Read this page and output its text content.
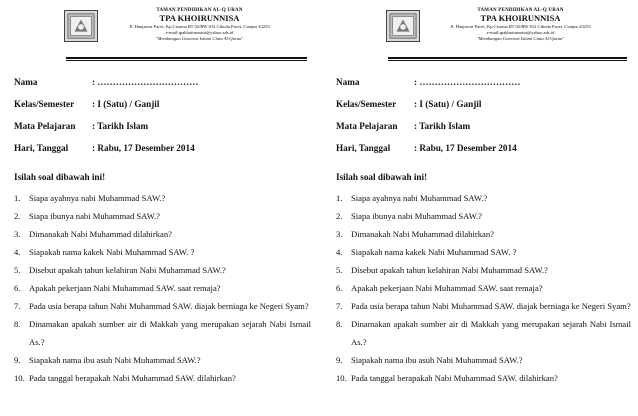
TAMAN PENDIDIKAN AL-Q URAN
TPA KHOIRUNNISA
Jl. Hanjawar Pacet, Kp.Cisarua RT 02/RW 012 Ciboda Pacet, Cianjur 43253
e-mail:tpakhoirunnisa@yahoo.ads.id
"Membangun Generasi Islami Cinta Al-Quran"
Nama	: ……………………………
Kelas/Semester	: I (Satu) / Ganjil
Mata Pelajaran	: Tarikh Islam
Hari, Tanggal	: Rabu, 17 Desember 2014
Isilah soal dibawah ini!
1. Siapa ayahnya nabi Muhammad SAW.?
2. Siapa ibunya nabi Muhammad SAW.?
3. Dimanakah Nabi Muhammad dilahirkan?
4. Siapakah nama kakek Nabi Muhammad SAW. ?
5. Disebut apakah tahun kelahiran Nabi Muhammad SAW.?
6. Apakah pekerjaan Nabi Muhammad SAW. saat remaja?
7. Pada usia berapa tahun Nabi Muhammad SAW. diajak berniaga ke Negeri Syam?
8. Dinamakan apakah sumber air di Makkah yang merupakan sejarah Nabi Ismail As.?
9. Siapakah nama ibu asuh Nabi Muhammad SAW.?
10. Pada tanggal berapakah Nabi Muhammad SAW. dilahirkan?
TAMAN PENDIDIKAN AL-Q URAN
TPA KHOIRUNNISA
Jl. Hanjawar Pacet, Kp.Cisarua RT 02/RW 012 Ciboda Pacet, Cianjur 43253
e-mail:tpakhoirunnisa@yahoo.ads.id
"Membangun Generasi Islami Cinta Al-Quran"
Nama	: ……………………………
Kelas/Semester	: I (Satu) / Ganjil
Mata Pelajaran	: Tarikh Islam
Hari, Tanggal	: Rabu, 17 Desember 2014
Isilah soal dibawah ini!
1. Siapa ayahnya nabi Muhammad SAW.?
2. Siapa ibunya nabi Muhammad SAW.?
3. Dimanakah Nabi Muhammad dilahirkan?
4. Siapakah nama kakek Nabi Muhammad SAW. ?
5. Disebut apakah tahun kelahiran Nabi Muhammad SAW.?
6. Apakah pekerjaan Nabi Muhammad SAW. saat remaja?
7. Pada usia berapa tahun Nabi Muhammad SAW. diajak berniaga ke Negeri Syam?
8. Dinamakan apakah sumber air di Makkah yang merupakan sejarah Nabi Ismail As.?
9. Siapakah nama ibu asuh Nabi Muhammad SAW.?
10. Pada tanggal berapakah Nabi Muhammad SAW. dilahirkan?
